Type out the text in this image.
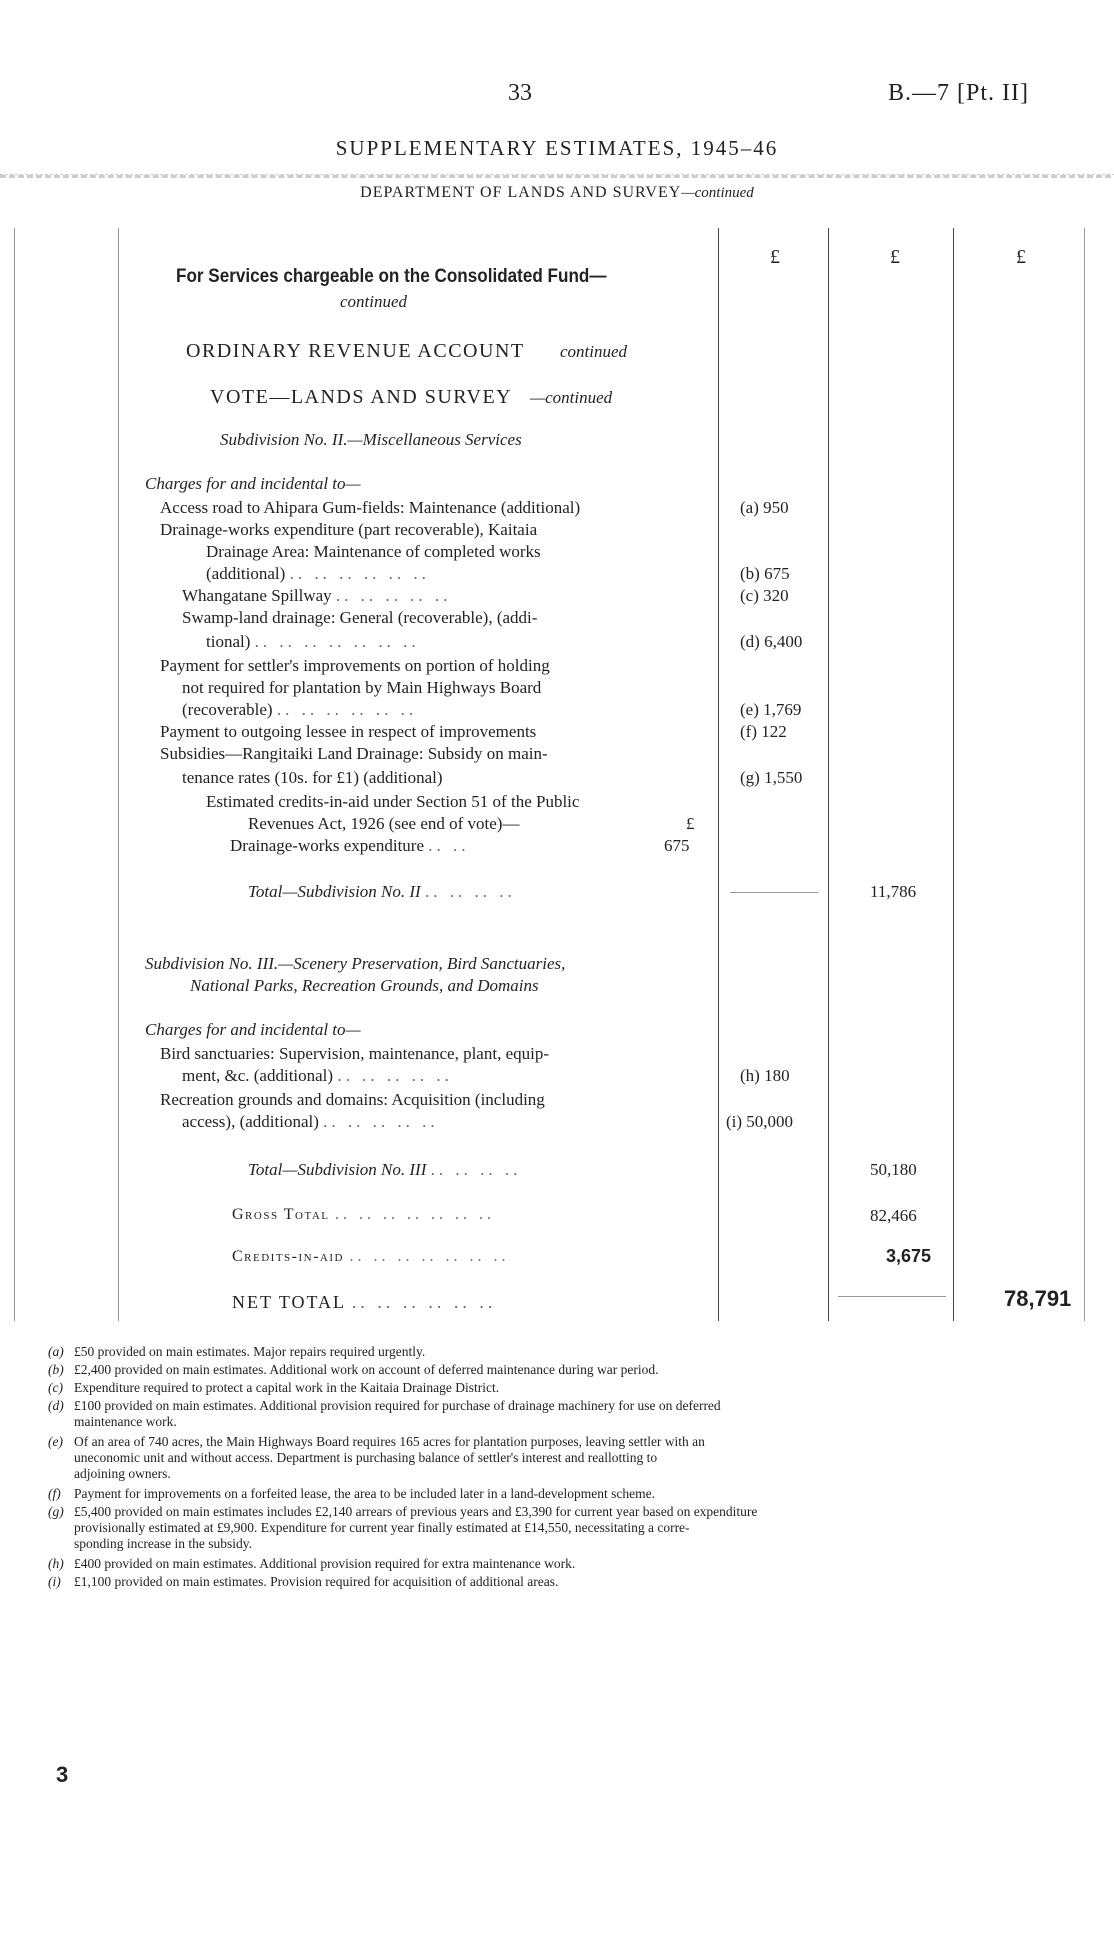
33	B.—7 [Pt. II]
SUPPLEMENTARY ESTIMATES, 1945–46
DEPARTMENT OF LANDS AND SURVEY—continued
£	£	£
For Services chargeable on the Consolidated Fund—
continued
ORDINARY REVENUE ACCOUNT continued
VOTE—LANDS AND SURVEY —continued
Subdivision No. II.—Miscellaneous Services
Charges for and incidental to—
Access road to Ahipara Gum-fields: Maintenance (additional)	(a) 950
Drainage-works expenditure (part recoverable), Kaitaia
Drainage Area: Maintenance of completed works
(additional) .. .. .. .. .. ..	(b) 675
Whangatane Spillway .. .. .. .. ..	(c) 320
Swamp-land drainage: General (recoverable), (addi-
tional) .. .. .. .. .. .. ..	(d) 6,400
Payment for settler's improvements on portion of holding
not required for plantation by Main Highways Board
(recoverable) .. .. .. .. .. ..	(e) 1,769
Payment to outgoing lessee in respect of improvements	(f) 122
Subsidies—Rangitaiki Land Drainage: Subsidy on main-
tenance rates (10s. for £1) (additional)	(g) 1,550
Estimated credits-in-aid under Section 51 of the Public
Revenues Act, 1926 (see end of vote)—	£
Drainage-works expenditure .. ..	675
Total—Subdivision No. II .. .. .. ..	11,786
Subdivision No. III.—Scenery Preservation, Bird Sanctuaries,
National Parks, Recreation Grounds, and Domains
Charges for and incidental to—
Bird sanctuaries: Supervision, maintenance, plant, equip-
ment, &c. (additional) .. .. .. .. ..	(h) 180
Recreation grounds and domains: Acquisition (including
access), (additional) .. .. .. .. ..	(i) 50,000
Total—Subdivision No. III .. .. .. ..	50,180
Gross Total .. .. .. .. .. .. ..	82,466
Credits-in-aid .. .. .. .. .. .. ..	3,675
NET TOTAL .. .. .. .. .. ..	78,791
(a) £50 provided on main estimates. Major repairs required urgently.
(b) £2,400 provided on main estimates. Additional work on account of deferred maintenance during war period.
(c) Expenditure required to protect a capital work in the Kaitaia Drainage District.
(d) £100 provided on main estimates. Additional provision required for purchase of drainage machinery for use on deferred
maintenance work.
(e) Of an area of 740 acres, the Main Highways Board requires 165 acres for plantation purposes, leaving settler with an
uneconomic unit and without access. Department is purchasing balance of settler's interest and reallotting to
adjoining owners.
(f) Payment for improvements on a forfeited lease, the area to be included later in a land-development scheme.
(g) £5,400 provided on main estimates includes £2,140 arrears of previous years and £3,390 for current year based on expenditure
provisionally estimated at £9,900. Expenditure for current year finally estimated at £14,550, necessitating a corre-
sponding increase in the subsidy.
(h) £400 provided on main estimates. Additional provision required for extra maintenance work.
(i) £1,100 provided on main estimates. Provision required for acquisition of additional areas.
3
